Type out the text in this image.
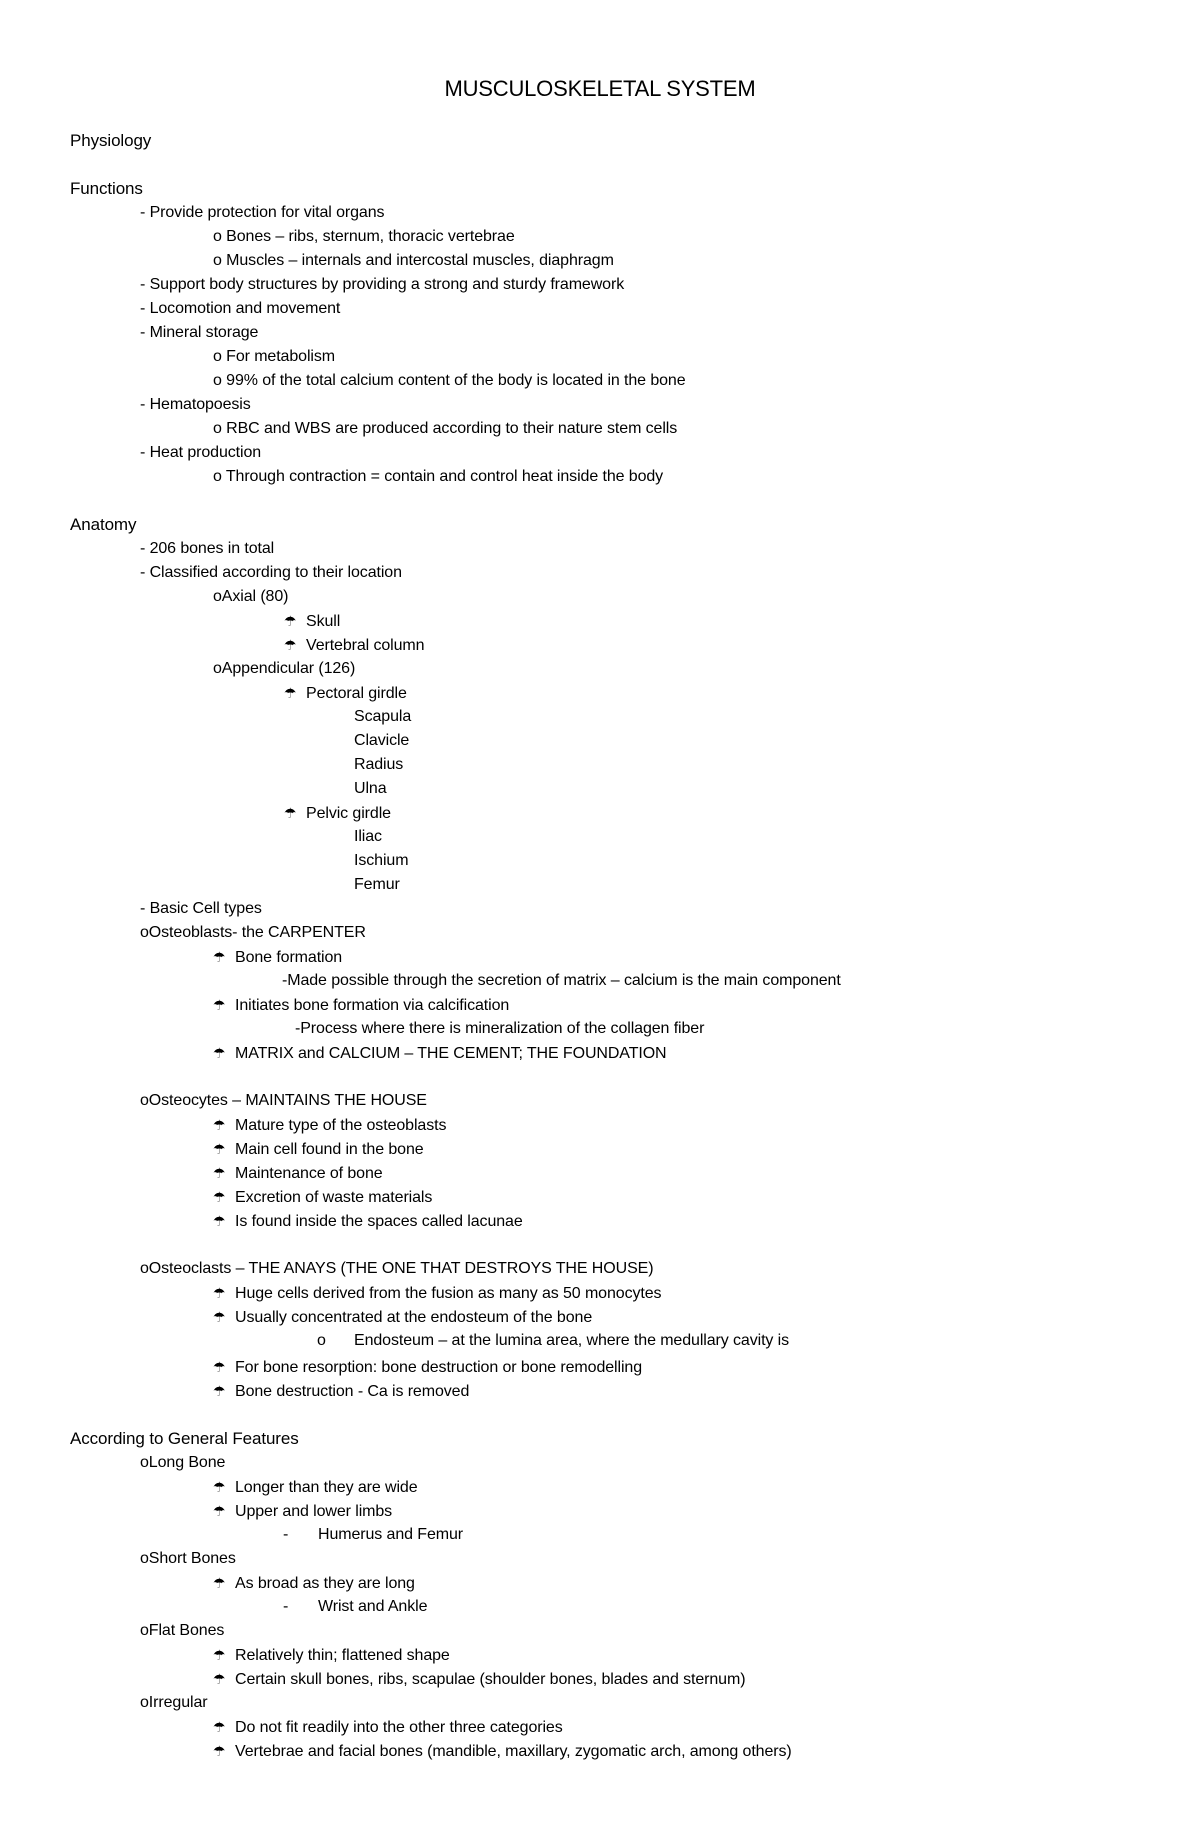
MUSCULOSKELETAL SYSTEM
Physiology
Functions
- Provide protection for vital organs
o Bones – ribs, sternum, thoracic vertebrae
o Muscles – internals and intercostal muscles, diaphragm
- Support body structures by providing a strong and sturdy framework
- Locomotion and movement
- Mineral storage
o For metabolism
o 99% of the total calcium content of the body is located in the bone
- Hematopoesis
o RBC and WBS are produced according to their nature stem cells
- Heat production
o Through contraction = contain and control heat inside the body
Anatomy
- 206 bones in total
- Classified according to their location
oAxial (80)
☂ Skull
☂ Vertebral column
oAppendicular (126)
☂ Pectoral girdle
Scapula
Clavicle
Radius
Ulna
☂ Pelvic girdle
Iliac
Ischium
Femur
- Basic Cell types
oOsteoblasts- the CARPENTER
☂ Bone formation
-Made possible through the secretion of matrix – calcium is the main component
☂ Initiates bone formation via calcification
-Process where there is mineralization of the collagen fiber
☂ MATRIX and CALCIUM – THE CEMENT; THE FOUNDATION
oOsteocytes – MAINTAINS THE HOUSE
☂ Mature type of the osteoblasts
☂ Main cell found in the bone
☂ Maintenance of bone
☂ Excretion of waste materials
☂ Is found inside the spaces called lacunae
oOsteoclasts – THE ANAYS (THE ONE THAT DESTROYS THE HOUSE)
☂ Huge cells derived from the fusion as many as 50 monocytes
☂ Usually concentrated at the endosteum of the bone
o Endosteum – at the lumina area, where the medullary cavity is
☂ For bone resorption: bone destruction or bone remodelling
☂ Bone destruction - Ca is removed
According to General Features
oLong Bone
☂ Longer than they are wide
☂ Upper and lower limbs
- Humerus and Femur
oShort Bones
☂ As broad as they are long
- Wrist and Ankle
oFlat Bones
☂ Relatively thin; flattened shape
☂ Certain skull bones, ribs, scapulae (shoulder bones, blades and sternum)
oIrregular
☂ Do not fit readily into the other three categories
☂ Vertebrae and facial bones (mandible, maxillary, zygomatic arch, among others)
